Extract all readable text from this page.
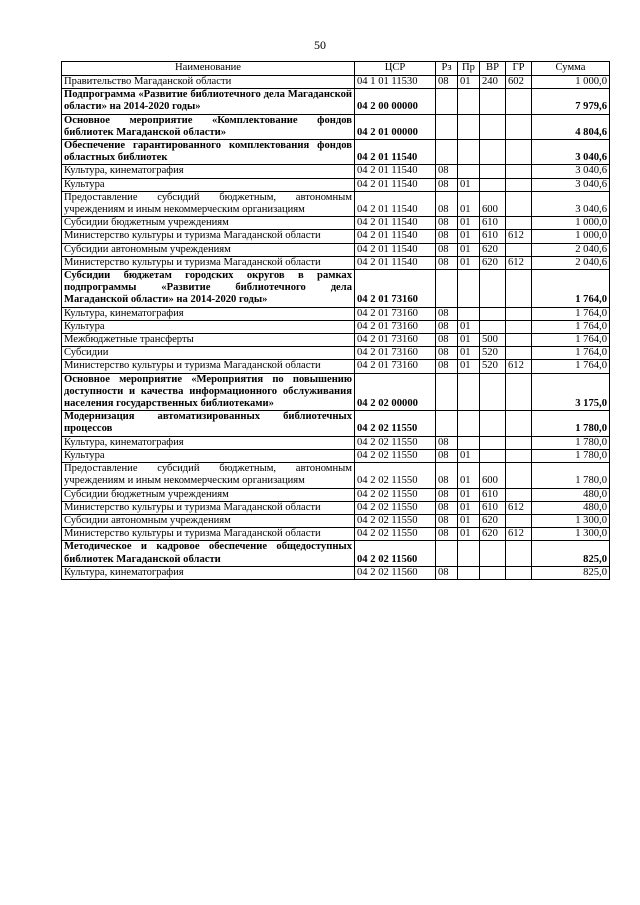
50
Наименование	ЦСР	Рз	Пр	ВР	ГР	Сумма
Правительство Магаданской области	04 1 01 11530	08	01	240	602	1 000,0
Подпрограмма «Развитие библиотечного дела Магаданской области» на 2014-2020 годы»	04 2 00 00000					7 979,6
Основное мероприятие «Комплектование фондов библиотек Магаданской области»	04 2 01 00000					4 804,6
Обеспечение гарантированного комплектования фондов областных библиотек	04 2 01 11540					3 040,6
Культура, кинематография	04 2 01 11540	08				3 040,6
Культура	04 2 01 11540	08	01			3 040,6
Предоставление субсидий бюджетным, автономным учреждениям и иным некоммерческим организациям	04 2 01 11540	08	01	600		3 040,6
Субсидии бюджетным учреждениям	04 2 01 11540	08	01	610		1 000,0
Министерство культуры и туризма Магаданской области	04 2 01 11540	08	01	610	612	1 000,0
Субсидии автономным учреждениям	04 2 01 11540	08	01	620		2 040,6
Министерство культуры и туризма Магаданской области	04 2 01 11540	08	01	620	612	2 040,6
Субсидии бюджетам городских округов в рамках подпрограммы «Развитие библиотечного дела Магаданской области» на 2014-2020 годы»	04 2 01 73160					1 764,0
Культура, кинематография	04 2 01 73160	08				1 764,0
Культура	04 2 01 73160	08	01			1 764,0
Межбюджетные трансферты	04 2 01 73160	08	01	500		1 764,0
Субсидии	04 2 01 73160	08	01	520		1 764,0
Министерство культуры и туризма Магаданской области	04 2 01 73160	08	01	520	612	1 764,0
Основное мероприятие «Мероприятия по повышению доступности и качества информационного обслуживания населения государственных библиотеками»	04 2 02 00000					3 175,0
Модернизация автоматизированных библиотечных процессов	04 2 02 11550					1 780,0
Культура, кинематография	04 2 02 11550	08				1 780,0
Культура	04 2 02 11550	08	01			1 780,0
Предоставление субсидий бюджетным, автономным учреждениям и иным некоммерческим организациям	04 2 02 11550	08	01	600		1 780,0
Субсидии бюджетным учреждениям	04 2 02 11550	08	01	610		480,0
Министерство культуры и туризма Магаданской области	04 2 02 11550	08	01	610	612	480,0
Субсидии автономным учреждениям	04 2 02 11550	08	01	620		1 300,0
Министерство культуры и туризма Магаданской области	04 2 02 11550	08	01	620	612	1 300,0
Методическое и кадровое обеспечение общедоступных библиотек Магаданской области	04 2 02 11560					825,0
Культура, кинематография	04 2 02 11560	08				825,0
